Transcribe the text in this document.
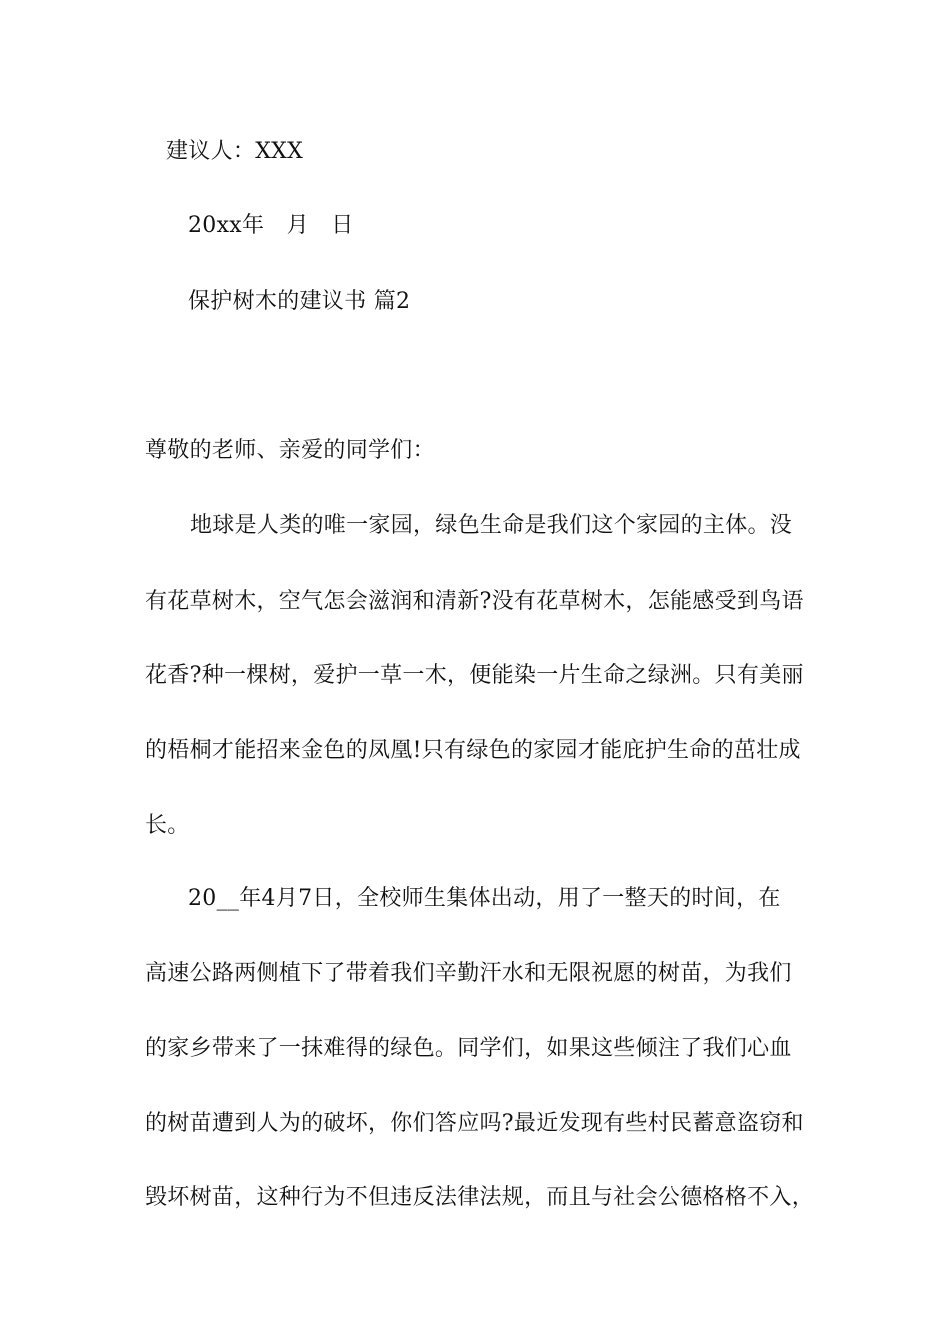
建议人：XXX
20xx年　月　日
保护树木的建议书 篇2
尊敬的老师、亲爱的同学们：
地球是人类的唯一家园，绿色生命是我们这个家园的主体。没
有花草树木，空气怎会滋润和清新?没有花草树木，怎能感受到鸟语
花香?种一棵树，爱护一草一木，便能染一片生命之绿洲。只有美丽
的梧桐才能招来金色的凤凰!只有绿色的家园才能庇护生命的茁壮成
长。
20__年4月7日，全校师生集体出动，用了一整天的时间，在
高速公路两侧植下了带着我们辛勤汗水和无限祝愿的树苗，为我们
的家乡带来了一抹难得的绿色。同学们，如果这些倾注了我们心血
的树苗遭到人为的破坏，你们答应吗?最近发现有些村民蓄意盗窃和
毁坏树苗，这种行为不但违反法律法规，而且与社会公德格格不入，
